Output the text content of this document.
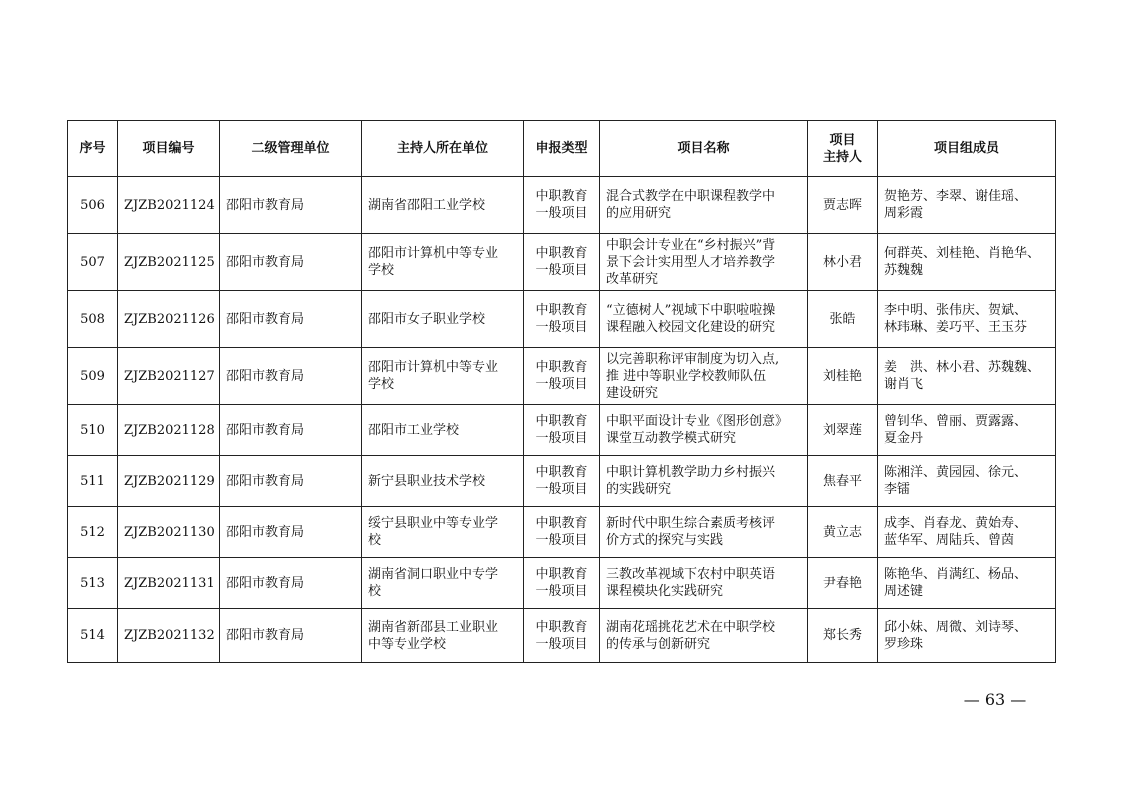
序号	项目编号	二级管理单位	主持人所在单位	申报类型	项目名称	项目
主持人	项目组成员
506	ZJZB2021124	邵阳市教育局	湖南省邵阳工业学校	中职教育
一般项目	混合式教学在中职课程教学中
的应用研究	贾志晖	贺艳芳、李翠、谢佳瑶、
周彩霞
507	ZJZB2021125	邵阳市教育局	邵阳市计算机中等专业
学校	中职教育
一般项目	中职会计专业在“乡村振兴”背
景下会计实用型人才培养教学
改革研究	林小君	何群英、刘桂艳、肖艳华、
苏魏魏
508	ZJZB2021126	邵阳市教育局	邵阳市女子职业学校	中职教育
一般项目	“立德树人”视域下中职啦啦操
课程融入校园文化建设的研究	张皓	李中明、张伟庆、贺斌、
林玮琳、姜巧平、王玉芬
509	ZJZB2021127	邵阳市教育局	邵阳市计算机中等专业
学校	中职教育
一般项目	以完善职称评审制度为切入点,
推 进中等职业学校教师队伍
建设研究	刘桂艳	姜　洪、林小君、苏魏魏、
谢肖飞
510	ZJZB2021128	邵阳市教育局	邵阳市工业学校	中职教育
一般项目	中职平面设计专业《图形创意》
课堂互动教学模式研究	刘翠莲	曾钊华、曾丽、贾露露、
夏金丹
511	ZJZB2021129	邵阳市教育局	新宁县职业技术学校	中职教育
一般项目	中职计算机教学助力乡村振兴
的实践研究	焦春平	陈湘洋、黄园园、徐元、
李镭
512	ZJZB2021130	邵阳市教育局	绥宁县职业中等专业学
校	中职教育
一般项目	新时代中职生综合素质考核评
价方式的探究与实践	黄立志	成李、肖春龙、黄始寿、
蓝华军、周陆兵、曾茵
513	ZJZB2021131	邵阳市教育局	湖南省洞口职业中专学
校	中职教育
一般项目	三教改革视域下农村中职英语
课程模块化实践研究	尹春艳	陈艳华、肖满红、杨品、
周述键
514	ZJZB2021132	邵阳市教育局	湖南省新邵县工业职业
中等专业学校	中职教育
一般项目	湖南花瑶挑花艺术在中职学校
的传承与创新研究	郑长秀	邱小妹、周微、刘诗琴、
罗珍珠
— 63 —
